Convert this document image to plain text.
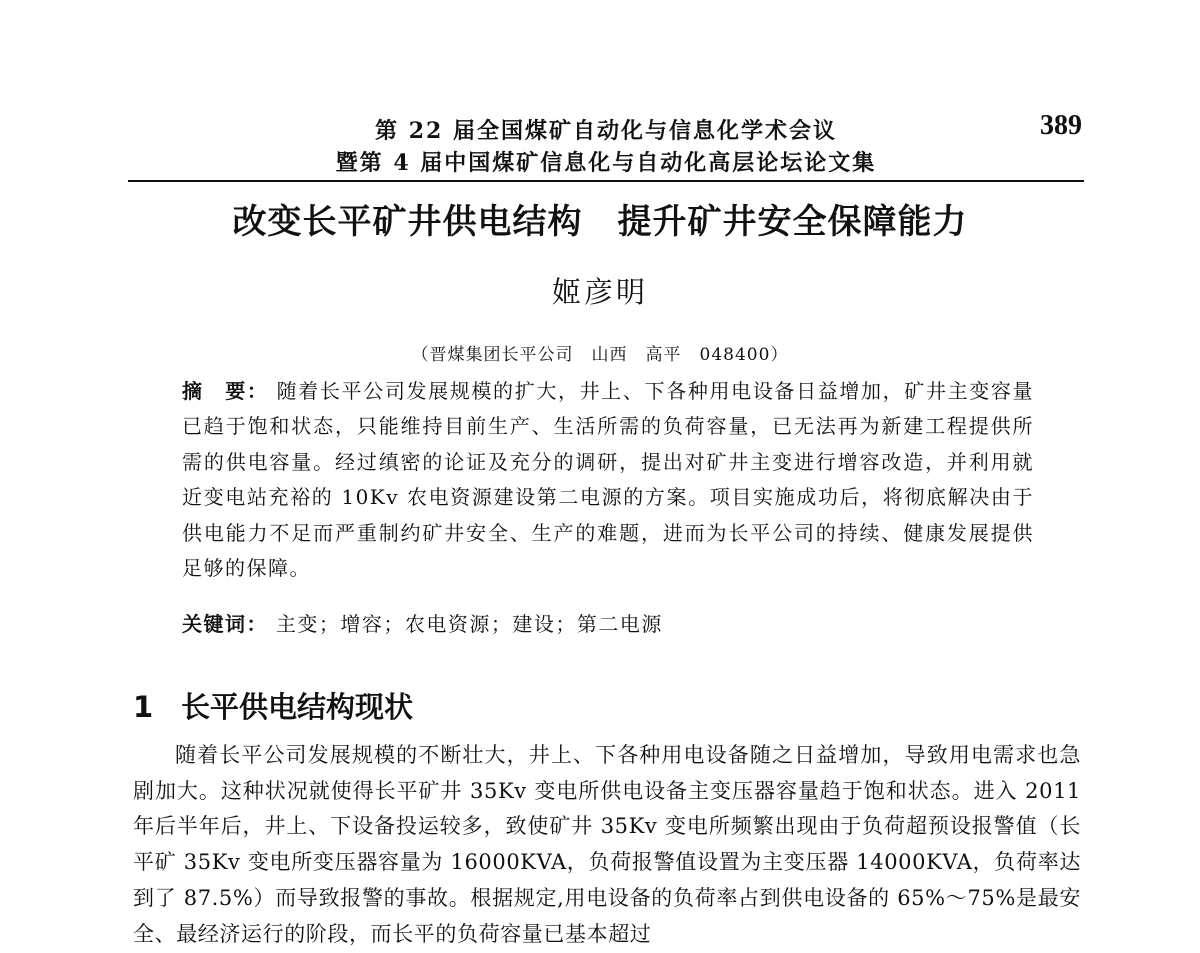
第 22 届全国煤矿自动化与信息化学术会议
暨第 4 届中国煤矿信息化与自动化高层论坛论文集
389
改变长平矿井供电结构　提升矿井安全保障能力
姬彦明
（晋煤集团长平公司　山西　高平　048400）
摘　要： 随着长平公司发展规模的扩大，井上、下各种用电设备日益增加，矿井主变容量已趋于饱和状态，只能维持目前生产、生活所需的负荷容量，已无法再为新建工程提供所需的供电容量。经过缜密的论证及充分的调研，提出对矿井主变进行增容改造，并利用就近变电站充裕的 10Kv 农电资源建设第二电源的方案。项目实施成功后，将彻底解决由于供电能力不足而严重制约矿井安全、生产的难题，进而为长平公司的持续、健康发展提供足够的保障。
关键词： 主变；增容；农电资源；建设；第二电源
1 长平供电结构现状
随着长平公司发展规模的不断壮大，井上、下各种用电设备随之日益增加，导致用电需求也急剧加大。这种状况就使得长平矿井 35Kv 变电所供电设备主变压器容量趋于饱和状态。进入 2011 年后半年后，井上、下设备投运较多，致使矿井 35Kv 变电所频繁出现由于负荷超预设报警值（长平矿 35Kv 变电所变压器容量为 16000KVA，负荷报警值设置为主变压器 14000KVA，负荷率达到了 87.5%）而导致报警的事故。根据规定,用电设备的负荷率占到供电设备的 65%～75%是最安全、最经济运行的阶段，而长平的负荷容量已基本超过
